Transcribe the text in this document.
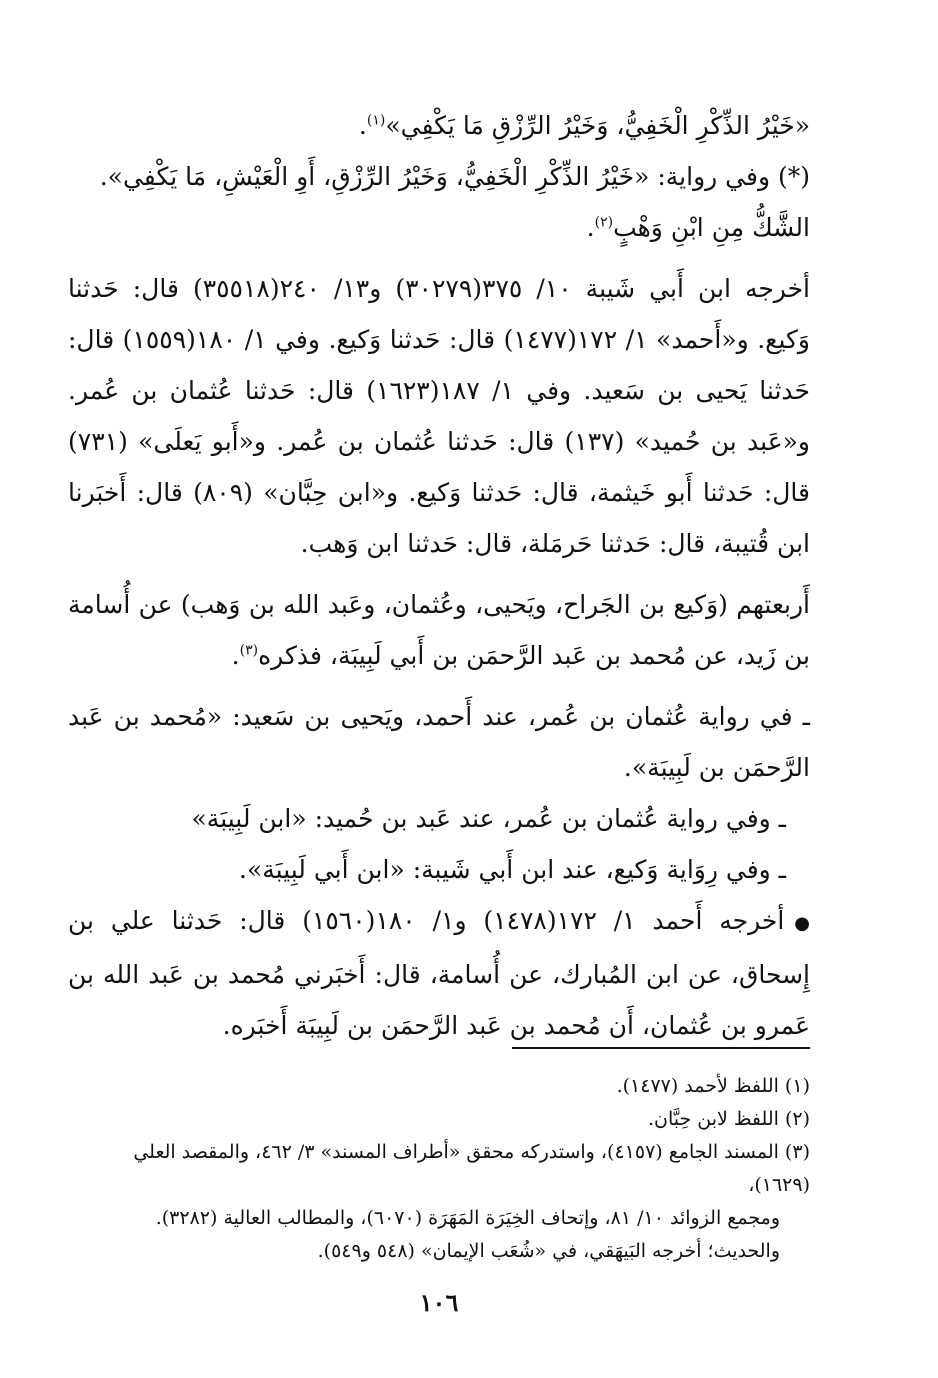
«خَيْرُ الذِّكْرِ الْخَفِيُّ، وَخَيْرُ الرِّزْقِ مَا يَكْفِي»$^{(١)}$.

(*) وفي رواية: «خَيْرُ الذِّكْرِ الْخَفِيُّ، وَخَيْرُ الرِّزْقِ، أَوِ الْعَيْشِ، مَا يَكْفِي».
الشَّكُّ مِنِ ابْنِ وَهْبٍ$^{(٢)}$.

أخرجه ابن أَبي شَيبة ١٠/ ٣٧٥(٣٠٢٧٩) و١٣/ ٢٤٠(٣٥٥١٨) قال: حَدثنا وَكيع. و«أَحمد» ١/ ١٧٢(١٤٧٧) قال: حَدثنا وَكيع. وفي ١/ ١٨٠(١٥٥٩) قال: حَدثنا يَحيى بن سَعيد. وفي ١/ ١٨٧(١٦٢٣) قال: حَدثنا عُثمان بن عُمر. و«عَبد بن حُميد» (١٣٧) قال: حَدثنا عُثمان بن عُمر. و«أَبو يَعلَى» (٧٣١) قال: حَدثنا أَبو خَيثمة، قال: حَدثنا وَكيع. و«ابن حِبَّان» (٨٠٩) قال: أَخبَرنا ابن قُتيبة، قال: حَدثنا حَرمَلة، قال: حَدثنا ابن وَهب.

أَربعتهم (وَكيع بن الجَراح، ويَحيى، وعُثمان، وعَبد الله بن وَهب) عن أُسامة بن زَيد، عن مُحمد بن عَبد الرَّحمَن بن أَبي لَبِيبَة، فذكره$^{(٣)}$.

ـ في رواية عُثمان بن عُمر، عند أَحمد، ويَحيى بن سَعيد: «مُحمد بن عَبد الرَّحمَن بن لَبِيبَة».

ـ وفي رواية عُثمان بن عُمر، عند عَبد بن حُميد: «ابن لَبِيبَة»

ـ وفي رِوَاية وَكيع، عند ابن أَبي شَيبة: «ابن أَبي لَبِيبَة».

●أخرجه أَحمد ١/ ١٧٢(١٤٧٨) و١/ ١٨٠(١٥٦٠) قال: حَدثنا علي بن إِسحاق، عن ابن المُبارك، عن أُسامة، قال: أَخبَرني مُحمد بن عَبد الله بن عَمرو بن عُثمان، أَن مُحمد بن عَبد الرَّحمَن بن لَبِيبَة أَخبَره.

(١) اللفظ لأحمد (١٤٧٧).

(٢) اللفظ لابن حِبَّان.

(٣) المسند الجامع (٤١٥٧)، واستدركه محقق «أطراف المسند» ٣/ ٤٦٢، والمقصد العلي (١٦٢٩)،

ومجمع الزوائد ١٠/ ٨١، وإتحاف الخِيَرَة المَهَرَة (٦٠٧٠)، والمطالب العالية (٣٢٨٢).

والحديث؛ أخرجه البَيهَقي، في «شُعَب الإيمان» (٥٤٨ و٥٤٩).

١٠٦
